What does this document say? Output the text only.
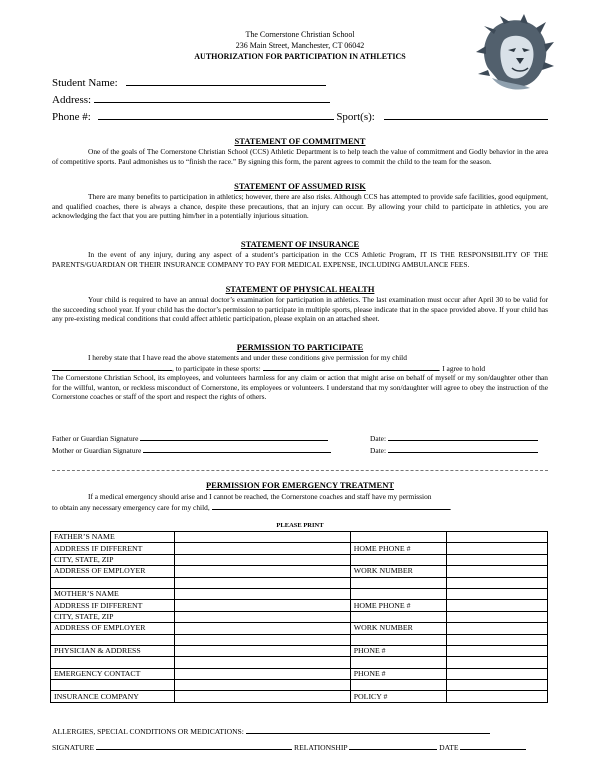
The Cornerstone Christian School
236 Main Street, Manchester, CT 06042
AUTHORIZATION FOR PARTICIPATION IN ATHLETICS
Student Name:
Address:
Phone #:	Sport(s):
STATEMENT OF COMMITMENT
One of the goals of The Cornerstone Christian School (CCS) Athletic Department is to help teach the value of commitment and Godly behavior in the area of competitive sports. Paul admonishes us to “finish the race.” By signing this form, the parent agrees to commit the child to the team for the season.
STATEMENT OF ASSUMED RISK
There are many benefits to participation in athletics; however, there are also risks. Although CCS has attempted to provide safe facilities, good equipment, and qualified coaches, there is always a chance, despite these precautions, that an injury can occur. By allowing your child to participate in athletics, you are acknowledging the fact that you are putting him/her in a potentially injurious situation.
STATEMENT OF INSURANCE
In the event of any injury, during any aspect of a student’s participation in the CCS Athletic Program, IT IS THE RESPONSIBILITY OF THE PARENTS/GUARDIAN OR THEIR INSURANCE COMPANY TO PAY FOR MEDICAL EXPENSE, INCLUDING AMBULANCE FEES.
STATEMENT OF PHYSICAL HEALTH
Your child is required to have an annual doctor’s examination for participation in athletics. The last examination must occur after April 30 to be valid for the succeeding school year. If your child has the doctor’s permission to participate in multiple sports, please indicate that in the space provided above. If your child has any pre-existing medical conditions that could affect athletic participation, please explain on an attached sheet.
PERMISSION TO PARTICIPATE
I hereby state that I have read the above statements and under these conditions give permission for my child
, to participate in these sports:	. I agree to hold
The Cornerstone Christian School, its employees, and volunteers harmless for any claim or action that might arise on behalf of myself or my son/daughter other than for the willful, wanton, or reckless misconduct of Cornerstone, its employees or volunteers. I understand that my son/daughter will agree to obey the instruction of the Cornerstone coaches or staff of the sport and respect the rights of others.
Father or Guardian Signature	Date:
Mother or Guardian Signature	Date:
PERMISSION FOR EMERGENCY TREATMENT
If a medical emergency should arise and I cannot be reached, the Cornerstone coaches and staff have my permission
to obtain any necessary emergency care for my child,	.
PLEASE PRINT
FATHER’S NAME			
ADDRESS IF DIFFERENT		HOME PHONE #	
CITY, STATE, ZIP			
ADDRESS OF EMPLOYER		WORK NUMBER	

MOTHER’S NAME			
ADDRESS IF DIFFERENT		HOME PHONE #	
CITY, STATE, ZIP			
ADDRESS OF EMPLOYER		WORK NUMBER	

PHYSICIAN & ADDRESS		PHONE #	

EMERGENCY CONTACT		PHONE #	

INSURANCE COMPANY		POLICY #	
ALLERGIES, SPECIAL CONDITIONS OR MEDICATIONS:
SIGNATURE	RELATIONSHIP	DATE
